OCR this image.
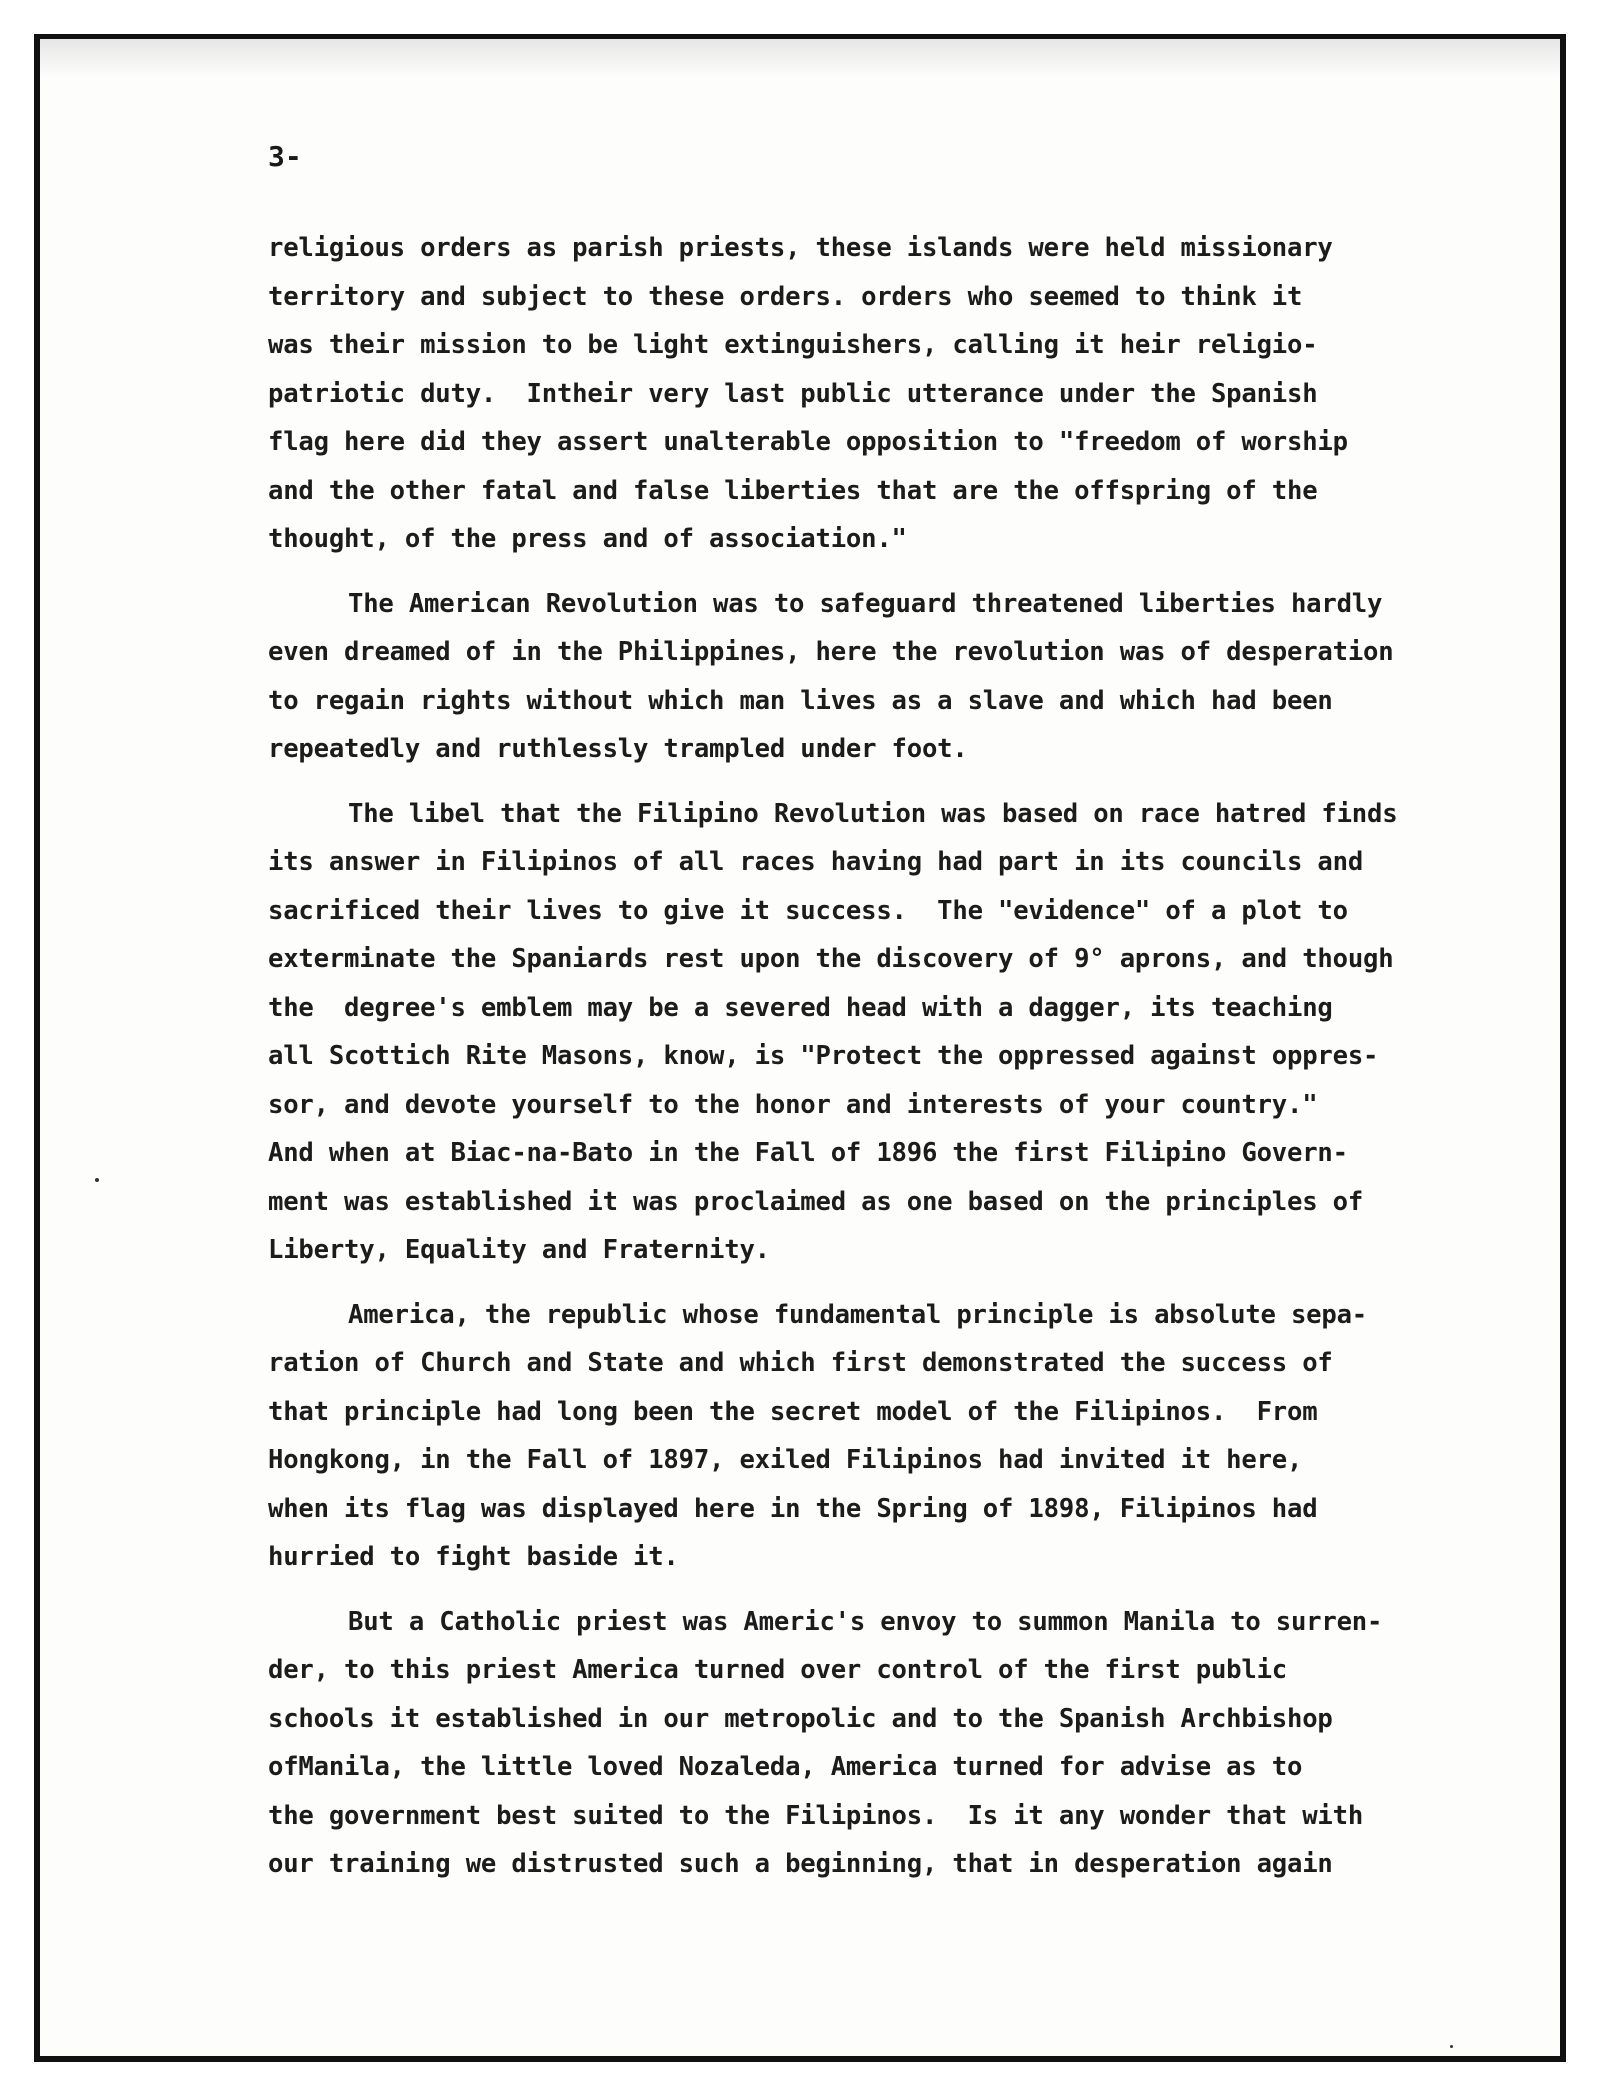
3-
religious orders as parish priests, these islands were held missionary
territory and subject to these orders. orders who seemed to think it
was their mission to be light extinguishers, calling it heir religio-
patriotic duty.  Intheir very last public utterance under the Spanish
flag here did they assert unalterable opposition to "freedom of worship
and the other fatal and false liberties that are the offspring of the
thought, of the press and of association."
The American Revolution was to safeguard threatened liberties hardly
even dreamed of in the Philippines, here the revolution was of desperation
to regain rights without which man lives as a slave and which had been
repeatedly and ruthlessly trampled under foot.
The libel that the Filipino Revolution was based on race hatred finds
its answer in Filipinos of all races having had part in its councils and
sacrificed their lives to give it success.  The "evidence" of a plot to
exterminate the Spaniards rest upon the discovery of 9° aprons, and though
the  degree's emblem may be a severed head with a dagger, its teaching
all Scottich Rite Masons, know, is "Protect the oppressed against oppres-
sor, and devote yourself to the honor and interests of your country."
And when at Biac-na-Bato in the Fall of 1896 the first Filipino Govern-
ment was established it was proclaimed as one based on the principles of
Liberty, Equality and Fraternity.
America, the republic whose fundamental principle is absolute sepa-
ration of Church and State and which first demonstrated the success of
that principle had long been the secret model of the Filipinos.  From
Hongkong, in the Fall of 1897, exiled Filipinos had invited it here,
when its flag was displayed here in the Spring of 1898, Filipinos had
hurried to fight baside it.
But a Catholic priest was Americ's envoy to summon Manila to surren-
der, to this priest America turned over control of the first public
schools it established in our metropolic and to the Spanish Archbishop
ofManila, the little loved Nozaleda, America turned for advise as to
the government best suited to the Filipinos.  Is it any wonder that with
our training we distrusted such a beginning, that in desperation again
